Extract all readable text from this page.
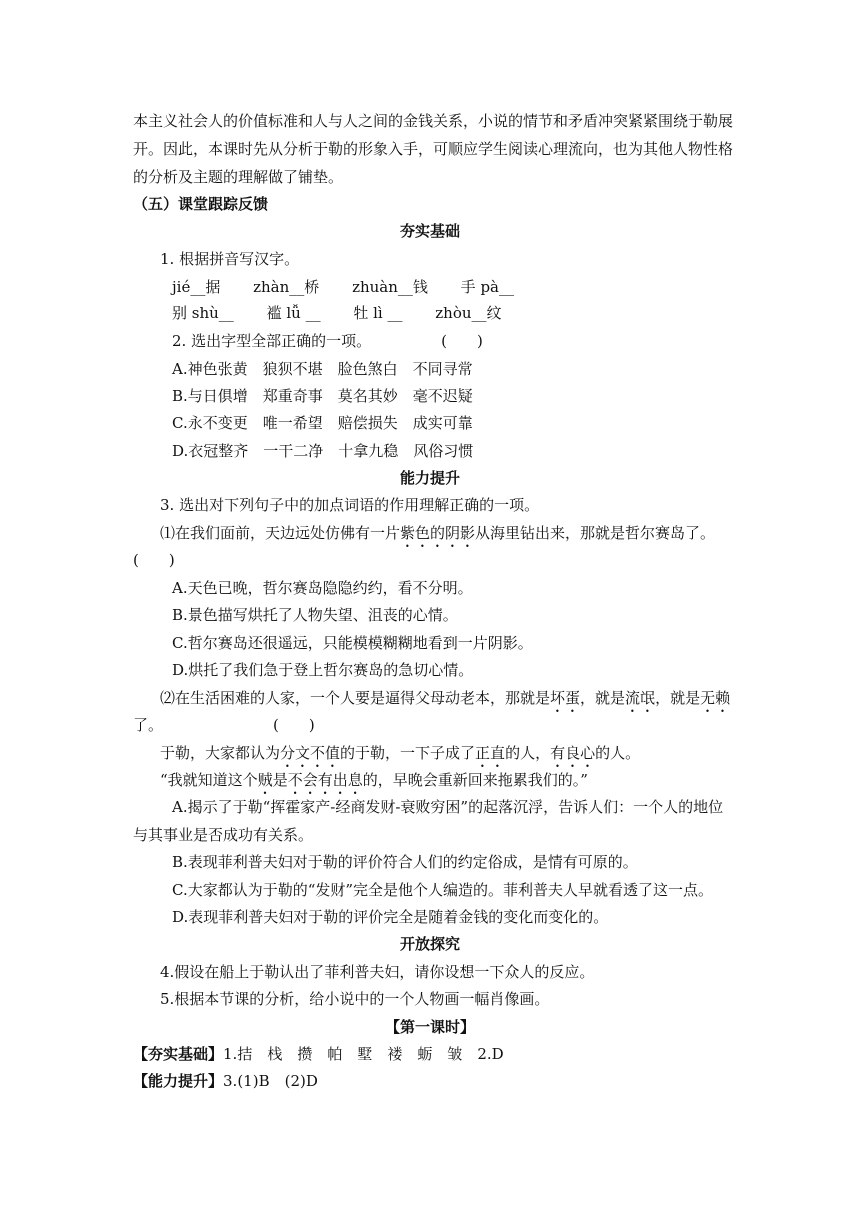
本主义社会人的价值标准和人与人之间的金钱关系，小说的情节和矛盾冲突紧紧围绕于勒展
开。因此，本课时先从分析于勒的形象入手，可顺应学生阅读心理流向，也为其他人物性格
的分析及主题的理解做了铺垫。
（五）课堂跟踪反馈
夯实基础
1. 根据拼音写汉字。
jié__据 zhàn__桥 zhuàn__钱 手 pà__
别 shù__ 褴 lǚ __ 牡 lì __ zhòu__纹
2. 选出字型全部正确的一项。	(　　)
A.神色张黄　狼狈不堪　脸色煞白　不同寻常
B.与日俱增　郑重奇事　莫名其妙　毫不迟疑
C.永不变更　唯一希望　赔偿损失　成实可靠
D.衣冠整齐　一干二净　十拿九稳　风俗习惯
能力提升
3. 选出对下列句子中的加点词语的作用理解正确的一项。
⑴在我们面前，天边远处仿佛有一片紫色的阴影从海里钻出来，那就是哲尔赛岛了。
(　　)
A.天色已晚，哲尔赛岛隐隐约约，看不分明。
B.景色描写烘托了人物失望、沮丧的心情。
C.哲尔赛岛还很遥远，只能模模糊糊地看到一片阴影。
D.烘托了我们急于登上哲尔赛岛的急切心情。
⑵在生活困难的人家，一个人要是逼得父母动老本，那就是坏蛋，就是流氓，就是无赖
了。	(　　)
于勒，大家都认为分文不值的于勒，一下子成了正直的人，有良心的人。
“我就知道这个贼是不会有出息的，早晚会重新回来拖累我们的。”
A.揭示了于勒“挥霍家产-经商发财-衰败穷困”的起落沉浮，告诉人们：一个人的地位
与其事业是否成功有关系。
B.表现菲利普夫妇对于勒的评价符合人们的约定俗成，是情有可原的。
C.大家都认为于勒的“发财”完全是他个人编造的。菲利普夫人早就看透了这一点。
D.表现菲利普夫妇对于勒的评价完全是随着金钱的变化而变化的。
开放探究
4.假设在船上于勒认出了菲利普夫妇，请你设想一下众人的反应。
5.根据本节课的分析，给小说中的一个人物画一幅肖像画。
【第一课时】
【夯实基础】1.拮　栈　攒　帕　墅　褛　蛎　皱　2.D
【能力提升】3.(1)B　(2)D
